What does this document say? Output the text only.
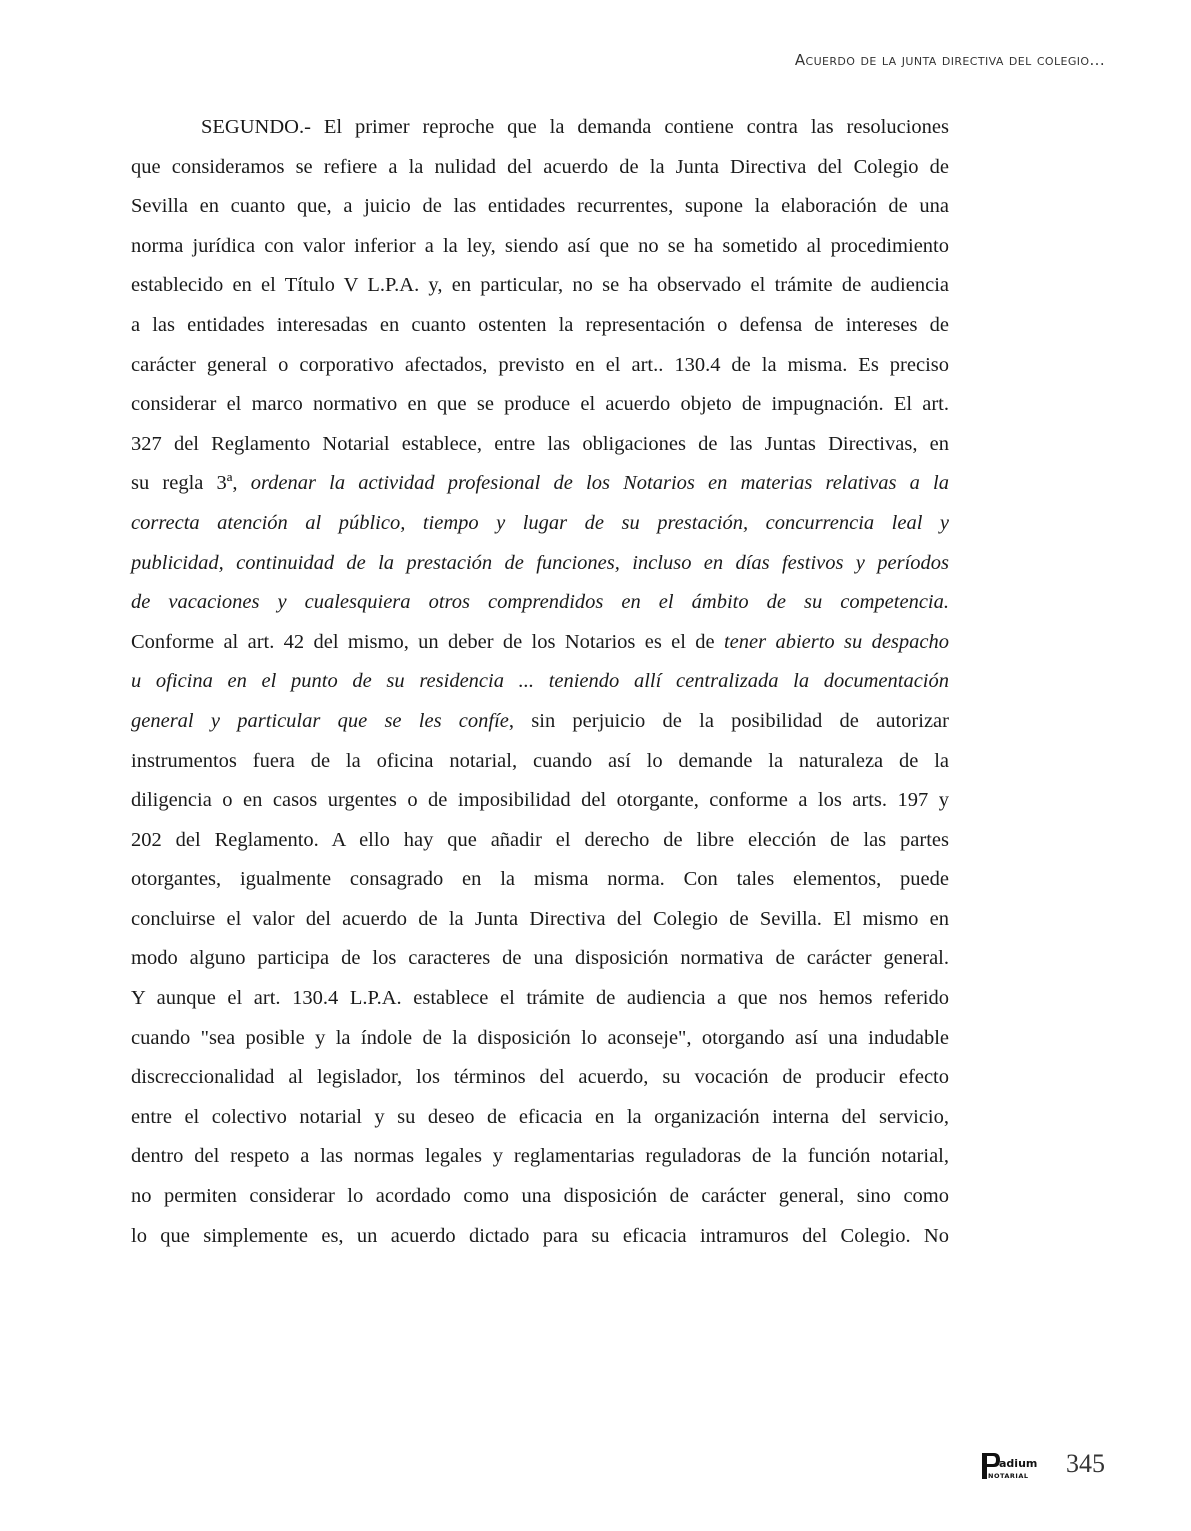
Acuerdo de la junta directiva del colegio...
SEGUNDO.- El primer reproche que la demanda contiene contra las resoluciones
que consideramos se refiere a la nulidad del acuerdo de la Junta Directiva del Colegio de
Sevilla en cuanto que, a juicio de las entidades recurrentes, supone la elaboración de una
norma jurídica con valor inferior a la ley, siendo así que no se ha sometido al procedimiento
establecido en el Título V L.P.A. y, en particular, no se ha observado el trámite de audiencia
a las entidades interesadas en cuanto ostenten la representación o defensa de intereses de
carácter general o corporativo afectados, previsto en el art.. 130.4 de la misma. Es preciso
considerar el marco normativo en que se produce el acuerdo objeto de impugnación. El art.
327 del Reglamento Notarial establece, entre las obligaciones de las Juntas Directivas, en
su regla 3ª, ordenar la actividad profesional de los Notarios en materias relativas a la
correcta atención al público, tiempo y lugar de su prestación, concurrencia leal y
publicidad, continuidad de la prestación de funciones, incluso en días festivos y períodos
de vacaciones y cualesquiera otros comprendidos en el ámbito de su competencia.
Conforme al art. 42 del mismo, un deber de los Notarios es el de tener abierto su despacho
u oficina en el punto de su residencia ... teniendo allí centralizada la documentación
general y particular que se les confíe, sin perjuicio de la posibilidad de autorizar
instrumentos fuera de la oficina notarial, cuando así lo demande la naturaleza de la
diligencia o en casos urgentes o de imposibilidad del otorgante, conforme a los arts. 197 y
202 del Reglamento. A ello hay que añadir el derecho de libre elección de las partes
otorgantes, igualmente consagrado en la misma norma. Con tales elementos, puede
concluirse el valor del acuerdo de la Junta Directiva del Colegio de Sevilla. El mismo en
modo alguno participa de los caracteres de una disposición normativa de carácter general.
Y aunque el art. 130.4 L.P.A. establece el trámite de audiencia a que nos hemos referido
cuando "sea posible y la índole de la disposición lo aconseje", otorgando así una indudable
discreccionalidad al legislador, los términos del acuerdo, su vocación de producir efecto
entre el colectivo notarial y su deseo de eficacia en la organización interna del servicio,
dentro del respeto a las normas legales y reglamentarias reguladoras de la función notarial,
no permiten considerar lo acordado como una disposición de carácter general, sino como
lo que simplemente es, un acuerdo dictado para su eficacia intramuros del Colegio. No
adium
NOTARIAL 345
